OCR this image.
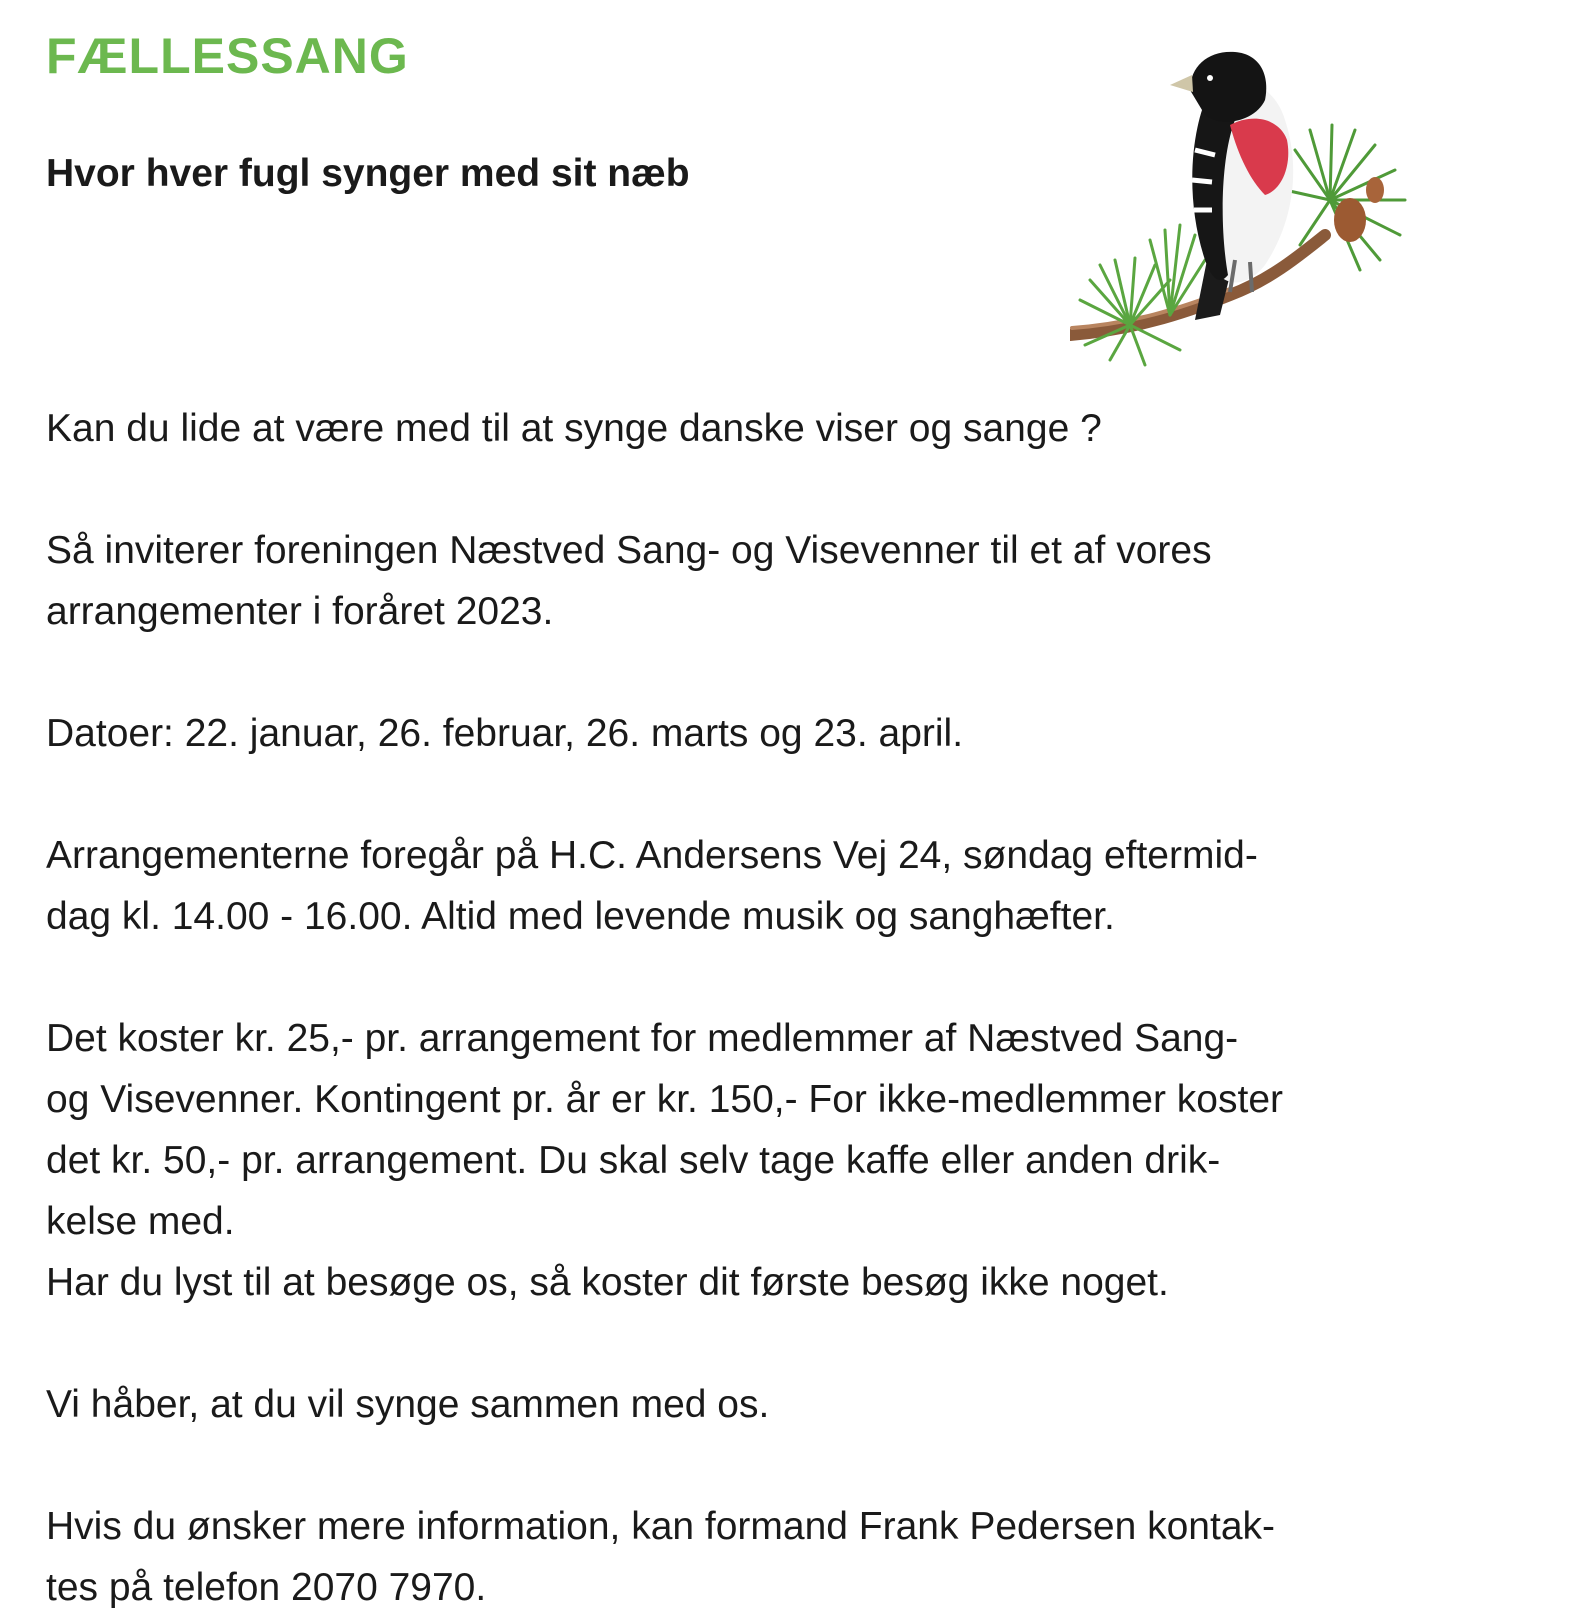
FÆLLESSANG
Hvor hver fugl synger med sit næb

Kan du lide at være med til at synge danske viser og sange ?

Så inviterer foreningen Næstved Sang- og Visevenner til et af vores
arrangementer i foråret 2023.

Datoer: 22. januar, 26. februar, 26. marts og 23. april.

Arrangementerne foregår på H.C. Andersens Vej 24, søndag eftermid-
dag kl. 14.00 - 16.00. Altid med levende musik og sanghæfter.

Det koster kr. 25,- pr. arrangement for medlemmer af Næstved Sang-
og Visevenner. Kontingent pr. år er kr. 150,- For ikke-medlemmer koster
det kr. 50,- pr. arrangement. Du skal selv tage kaffe eller anden drik-
kelse med.
Har du lyst til at besøge os, så koster dit første besøg ikke noget.

Vi håber, at du vil synge sammen med os.

Hvis du ønsker mere information, kan formand Frank Pedersen kontak-
tes på telefon 2070 7970.
